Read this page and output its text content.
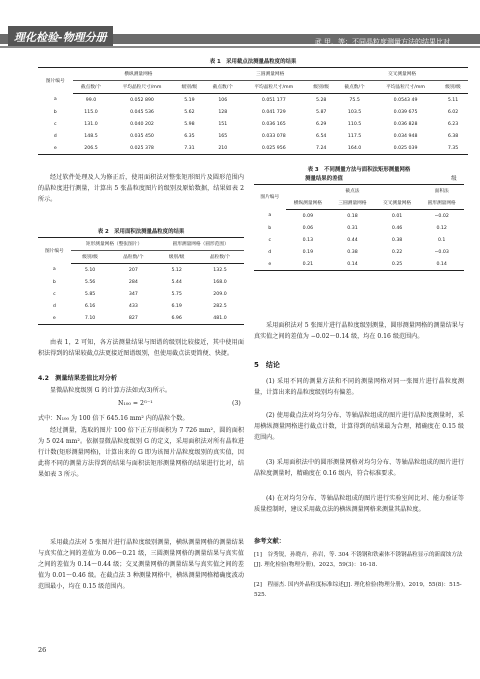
理化检验-物理分册	武 甲，等：不同晶粒度测量方法的结果比对
表 1　采用截点法测量晶粒度的结果
图片编号	横纵测量网格			三圆测量网格			交叉测量网格		
	截点数/个	平均晶粒尺寸/mm	级别/级	截点数/个	平均晶粒尺寸/mm	级别/级	截点数/个	平均晶粒尺寸/mm	级别/级
a	99.0	0.052 890	5.19	106	0.051 177	5.28	75.5	0.0543 49	5.11
b	115.0	0.045 536	5.62	128	0.041 729	5.87	103.5	0.039 675	6.02
c	131.0	0.040 202	5.98	151	0.036 165	6.29	110.5	0.036 828	6.23
d	148.5	0.035 450	6.35	165	0.033 078	6.54	117.5	0.034 948	6.38
e	206.5	0.025 378	7.31	210	0.025 956	7.24	164.0	0.025 039	7.35
经过软件处理及人为修正后，使用面积法对整张矩形图片及圆形范围内的晶粒度进行测量，计算出 5 张晶粒度图片的级别及原始数据，结果如表 2 所示。
表 2　采用面积法测量晶粒度的结果
图片编号	矩形测量网格（整张图片）		圆形测量网格（圆形范围）	
	级别/级	晶粒数/个	级别/级	晶粒数/个
a	5.10	207	5.12	132.5
b	5.56	284	5.44	168.0
c	5.85	347	5.75	209.0
d	6.16	433	6.19	282.5
e	7.10	827	6.96	481.0
由表 1，2 可知，各方法测量结果与图谱的级别比较接近，其中使用面积法得到的结果较截点法更接近图谱级别，但使用截点法更简便、快捷。
4.2　测量结果差值比对分析
显微晶粒度级别 G 的计算方法如式(3)所示。
N₁₀₀ = 2ᴳ⁻¹	(3)
式中：N₁₀₀ 为 100 倍下 645.16 mm² 内的晶粒个数。
经过测量，选取的图片 100 倍下正方形面积为 7 726 mm²，圆的面积为 5 024 mm²。依据显微晶粒度级别 G 的定义，采用面积法对所有晶粒进行计数(矩形测量网格)，计算出来的 G 即为该图片晶粒度级别的真实值，因此将不同的测量方法得到的结果与面积法矩形测量网格的结果进行比对，结果如表 3 所示。
采用截点法对 5 张图片进行晶粒度级别测量，横纵测量网格的测量结果与真实值之间的差值为 0.06～0.21 级，三圆测量网格的测量结果与真实值之间的差值为 0.14～0.44 级；交叉测量网格的测量结果与真实值之间的差值为 0.01～0.46 级。在截点法 3 种测量网格中，横纵测量网格精确度波动范围最小，均在 0.15 级范围内。
表 3　不同测量方法与面积法矩形测量网格
测量结果的差值	级
图片编号	截点法			面积法
	横纵测量网格	三圆测量网格	交叉测量网格	圆形测量网格
a	0.09	0.18	0.01	−0.02
b	0.06	0.31	0.46	0.12
c	0.13	0.44	0.38	0.1
d	0.19	0.38	0.22	−0.03
e	0.21	0.14	0.25	0.14
采用面积法对 5 张图片进行晶粒度级别测量，圆形测量网格的测量结果与真实值之间的差值为 −0.02～0.14 级，均在 0.16 级范围内。
5　结论
(1) 采用不同的测量方法和不同的测量网格对同一张图片进行晶粒度测量，计算出来的晶粒度级别均有偏差。
(2) 使用截点法对均匀分布、等轴晶粒组成的图片进行晶粒度测量时，采用横纵测量网格进行截点计数，计算得到的结果最为合理，精确度在 0.15 级范围内。
(3) 采用面积法中的圆形测量网格对均匀分布、等轴晶粒组成的图片进行晶粒度测量时，精确度在 0.16 级内，符合标准要求。
(4) 在对均匀分布、等轴晶粒组成的图片进行实验室间比对、能力验证等质量控制时，建议采用截点法的横纵测量网格来测量其晶粒度。
参考文献：
[1]　谷秀锐，孙晓卉，孙岩，等. 304 不锈钢和铁素体不锈钢晶粒显示的新腐蚀方法[J]. 理化检验(物理分册)，2023，59(3)：16-18.
[2]　程丽杰. 国内外晶粒度标准综述[J]. 理化检验(物理分册)，2019，55(8)：515-525.
26
